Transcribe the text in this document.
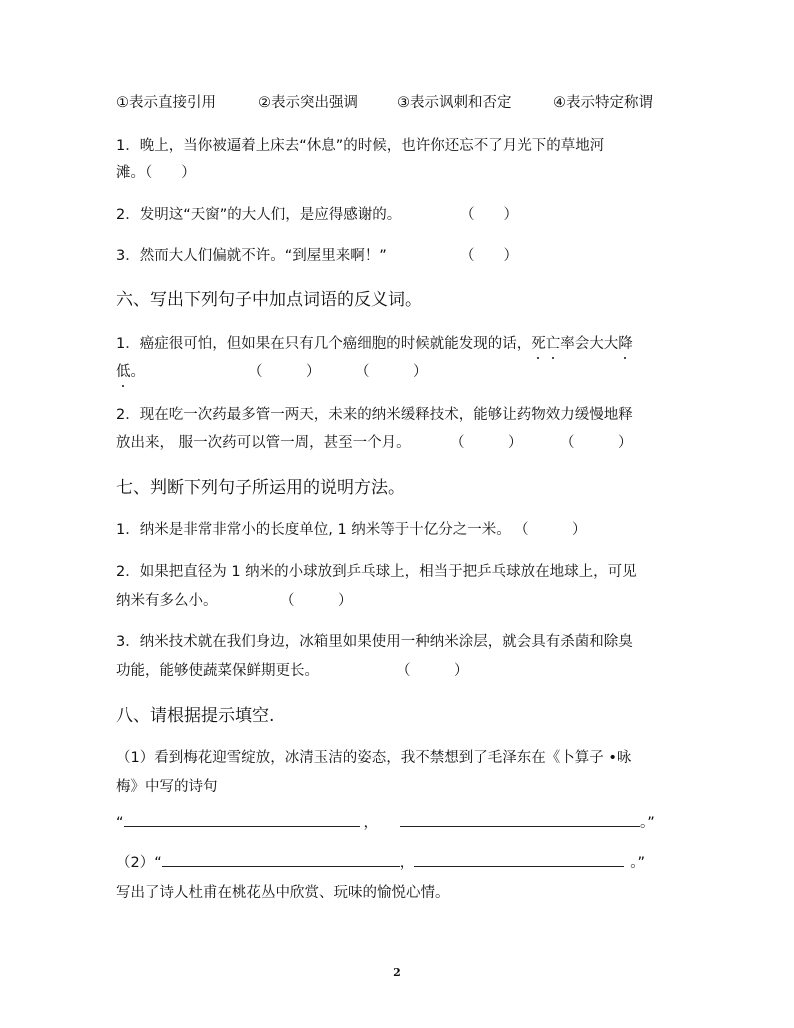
①表示直接引用	②表示突出强调	③表示讽刺和否定	④表示特定称谓
1．晚上，当你被逼着上床去“休息”的时候，也许你还忘不了月光下的草地河
滩。（　　）
2．发明这“天窗”的大人们，是应得感谢的。	（　　）
3．然而大人们偏就不许。“到屋里来啊！”	（　　）
六、写出下列句子中加点词语的反义词。
1．癌症很可怕，但如果在只有几个癌细胞的时候就能发现的话，死亡率会大大降
低。	（　　　） （　　　）
2．现在吃一次药最多管一两天，未来的纳米缓释技术，能够让药物效力缓慢地释
放出来， 服一次药可以管一周，甚至一个月。	（　　　）	（　　　）
七、判断下列句子所运用的说明方法。
1．纳米是非常非常小的长度单位, 1 纳米等于十亿分之一米。 （　　　）
2．如果把直径为 1 纳米的小球放到乒乓球上，相当于把乒乓球放在地球上，可见
纳米有多么小。	（　　　）
3．纳米技术就在我们身边，冰箱里如果使用一种纳米涂层，就会具有杀菌和除臭
功能，能够使蔬菜保鲜期更长。	（　　　）
八、请根据提示填空.
（1）看到梅花迎雪绽放，冰清玉洁的姿态，我不禁想到了毛泽东在《卜算子 •咏
梅》中写的诗句
“	，	。”
（2）“	，	。”
写出了诗人杜甫在桃花丛中欣赏、玩味的愉悦心情。
2
